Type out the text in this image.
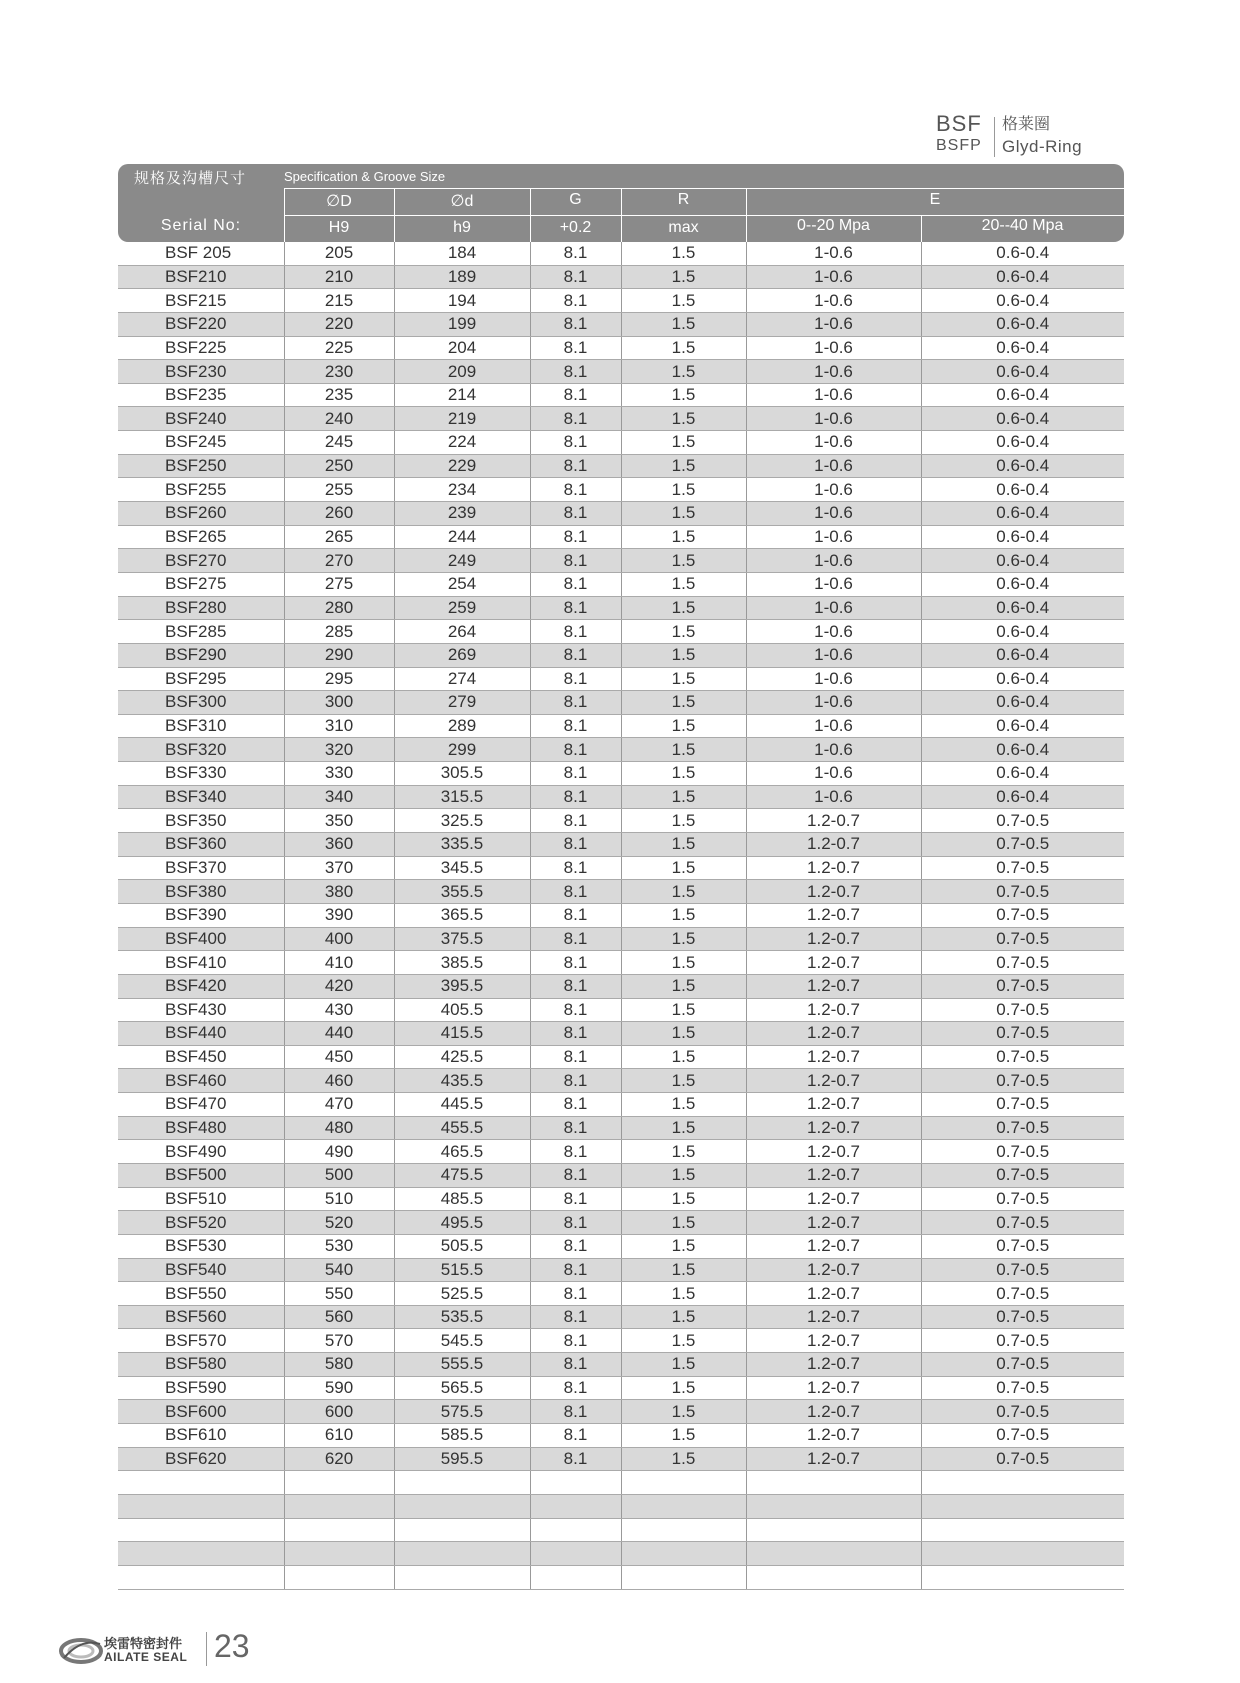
BSF
BSFP
格莱圈
Glyd-Ring
规格及沟槽尺寸	Specification & Groove Size
∅D	∅d	G	R	E
Serial No:	H9	h9	+0.2	max	0--20 Mpa	20--40 Mpa
BSF 205	205	184	8.1	1.5	1-0.6	0.6-0.4
BSF210	210	189	8.1	1.5	1-0.6	0.6-0.4
BSF215	215	194	8.1	1.5	1-0.6	0.6-0.4
BSF220	220	199	8.1	1.5	1-0.6	0.6-0.4
BSF225	225	204	8.1	1.5	1-0.6	0.6-0.4
BSF230	230	209	8.1	1.5	1-0.6	0.6-0.4
BSF235	235	214	8.1	1.5	1-0.6	0.6-0.4
BSF240	240	219	8.1	1.5	1-0.6	0.6-0.4
BSF245	245	224	8.1	1.5	1-0.6	0.6-0.4
BSF250	250	229	8.1	1.5	1-0.6	0.6-0.4
BSF255	255	234	8.1	1.5	1-0.6	0.6-0.4
BSF260	260	239	8.1	1.5	1-0.6	0.6-0.4
BSF265	265	244	8.1	1.5	1-0.6	0.6-0.4
BSF270	270	249	8.1	1.5	1-0.6	0.6-0.4
BSF275	275	254	8.1	1.5	1-0.6	0.6-0.4
BSF280	280	259	8.1	1.5	1-0.6	0.6-0.4
BSF285	285	264	8.1	1.5	1-0.6	0.6-0.4
BSF290	290	269	8.1	1.5	1-0.6	0.6-0.4
BSF295	295	274	8.1	1.5	1-0.6	0.6-0.4
BSF300	300	279	8.1	1.5	1-0.6	0.6-0.4
BSF310	310	289	8.1	1.5	1-0.6	0.6-0.4
BSF320	320	299	8.1	1.5	1-0.6	0.6-0.4
BSF330	330	305.5	8.1	1.5	1-0.6	0.6-0.4
BSF340	340	315.5	8.1	1.5	1-0.6	0.6-0.4
BSF350	350	325.5	8.1	1.5	1.2-0.7	0.7-0.5
BSF360	360	335.5	8.1	1.5	1.2-0.7	0.7-0.5
BSF370	370	345.5	8.1	1.5	1.2-0.7	0.7-0.5
BSF380	380	355.5	8.1	1.5	1.2-0.7	0.7-0.5
BSF390	390	365.5	8.1	1.5	1.2-0.7	0.7-0.5
BSF400	400	375.5	8.1	1.5	1.2-0.7	0.7-0.5
BSF410	410	385.5	8.1	1.5	1.2-0.7	0.7-0.5
BSF420	420	395.5	8.1	1.5	1.2-0.7	0.7-0.5
BSF430	430	405.5	8.1	1.5	1.2-0.7	0.7-0.5
BSF440	440	415.5	8.1	1.5	1.2-0.7	0.7-0.5
BSF450	450	425.5	8.1	1.5	1.2-0.7	0.7-0.5
BSF460	460	435.5	8.1	1.5	1.2-0.7	0.7-0.5
BSF470	470	445.5	8.1	1.5	1.2-0.7	0.7-0.5
BSF480	480	455.5	8.1	1.5	1.2-0.7	0.7-0.5
BSF490	490	465.5	8.1	1.5	1.2-0.7	0.7-0.5
BSF500	500	475.5	8.1	1.5	1.2-0.7	0.7-0.5
BSF510	510	485.5	8.1	1.5	1.2-0.7	0.7-0.5
BSF520	520	495.5	8.1	1.5	1.2-0.7	0.7-0.5
BSF530	530	505.5	8.1	1.5	1.2-0.7	0.7-0.5
BSF540	540	515.5	8.1	1.5	1.2-0.7	0.7-0.5
BSF550	550	525.5	8.1	1.5	1.2-0.7	0.7-0.5
BSF560	560	535.5	8.1	1.5	1.2-0.7	0.7-0.5
BSF570	570	545.5	8.1	1.5	1.2-0.7	0.7-0.5
BSF580	580	555.5	8.1	1.5	1.2-0.7	0.7-0.5
BSF590	590	565.5	8.1	1.5	1.2-0.7	0.7-0.5
BSF600	600	575.5	8.1	1.5	1.2-0.7	0.7-0.5
BSF610	610	585.5	8.1	1.5	1.2-0.7	0.7-0.5
BSF620	620	595.5	8.1	1.5	1.2-0.7	0.7-0.5

埃雷特密封件
AILATE SEAL 23
